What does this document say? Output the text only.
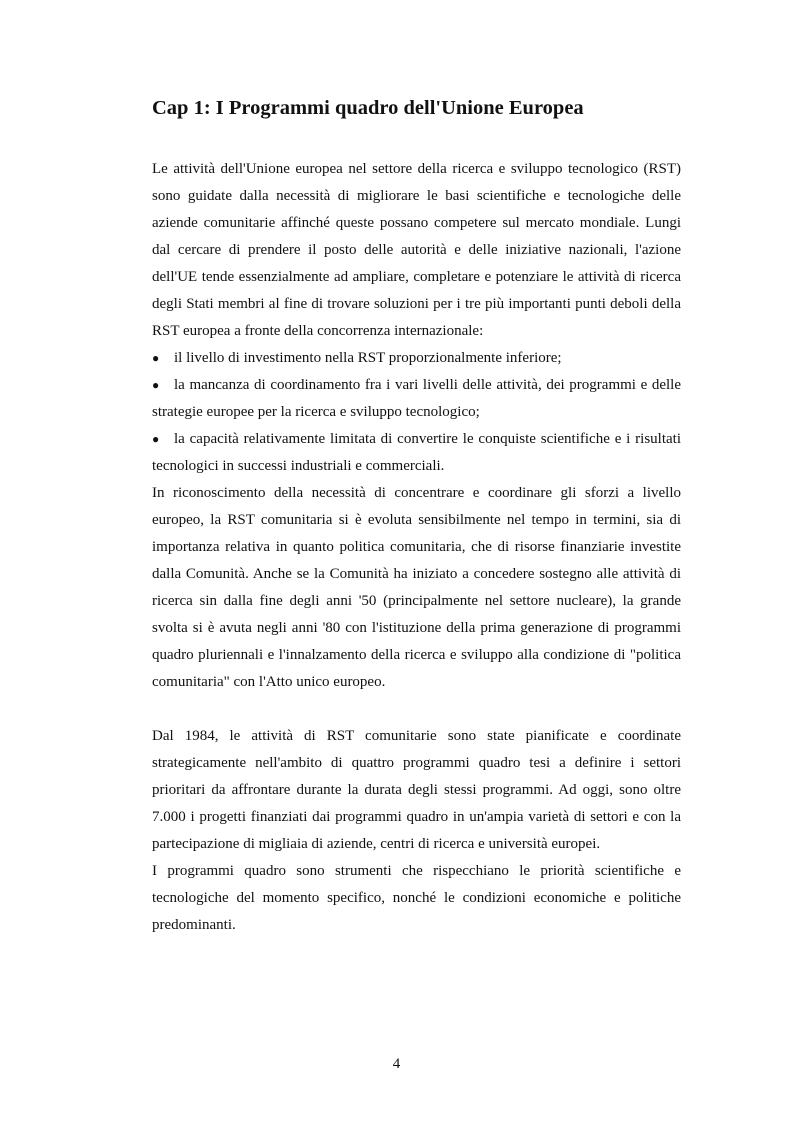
Cap 1: I Programmi quadro dell'Unione Europea

Le attività dell'Unione europea nel settore della ricerca e sviluppo tecnologico (RST) sono guidate dalla necessità di migliorare le basi scientifiche e tecnologiche delle aziende comunitarie affinché queste possano competere sul mercato mondiale. Lungi dal cercare di prendere il posto delle autorità e delle iniziative nazionali, l'azione dell'UE tende essenzialmente ad ampliare, completare e potenziare le attività di ricerca degli Stati membri al fine di trovare soluzioni per i tre più importanti punti deboli della RST europea a fronte della concorrenza internazionale:

● il livello di investimento nella RST proporzionalmente inferiore;

● la mancanza di coordinamento fra i vari livelli delle attività, dei programmi e delle strategie europee per la ricerca e sviluppo tecnologico;

● la capacità relativamente limitata di convertire le conquiste scientifiche e i risultati tecnologici in successi industriali e commerciali.

In riconoscimento della necessità di concentrare e coordinare gli sforzi a livello europeo, la RST comunitaria si è evoluta sensibilmente nel tempo in termini, sia di importanza relativa in quanto politica comunitaria, che di risorse finanziarie investite dalla Comunità. Anche se la Comunità ha iniziato a concedere sostegno alle attività di ricerca sin dalla fine degli anni '50 (principalmente nel settore nucleare), la grande svolta si è avuta negli anni '80 con l'istituzione della prima generazione di programmi quadro pluriennali e l'innalzamento della ricerca e sviluppo alla condizione di "politica comunitaria" con l'Atto unico europeo.

Dal 1984, le attività di RST comunitarie sono state pianificate e coordinate strategicamente nell'ambito di quattro programmi quadro tesi a definire i settori prioritari da affrontare durante la durata degli stessi programmi. Ad oggi, sono oltre 7.000 i progetti finanziati dai programmi quadro in un'ampia varietà di settori e con la partecipazione di migliaia di aziende, centri di ricerca e università europei.

I programmi quadro sono strumenti che rispecchiano le priorità scientifiche e tecnologiche del momento specifico, nonché le condizioni economiche e politiche predominanti.

4
